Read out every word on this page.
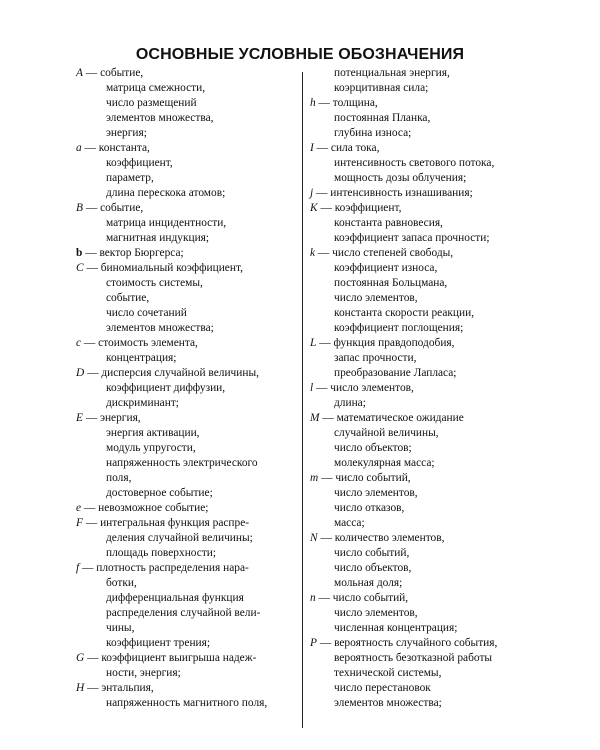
ОСНОВНЫЕ УСЛОВНЫЕ ОБОЗНАЧЕНИЯ
A — событие,
матрица смежности,
число размещений
элементов множества,
энергия;
a — константа,
коэффициент,
параметр,
длина перескока атомов;
B — событие,
матрица инцидентности,
магнитная индукция;
b — вектор Бюргерса;
C — биномиальный коэффициент,
стоимость системы,
событие,
число сочетаний
элементов множества;
c — стоимость элемента,
концентрация;
D — дисперсия случайной величины,
коэффициент диффузии,
дискриминант;
E — энергия,
энергия активации,
модуль упругости,
напряженность электрического
поля,
достоверное событие;
e — невозможное событие;
F — интегральная функция распре-
деления случайной величины;
площадь поверхности;
f — плотность распределения нара-
ботки,
дифференциальная функция
распределения случайной вели-
чины,
коэффициент трения;
G — коэффициент выигрыша надеж-
ности, энергия;
H — энтальпия,
напряженность магнитного поля,
потенциальная энергия,
коэрцитивная сила;
h — толщина,
постоянная Планка,
глубина износа;
I — сила тока,
интенсивность светового потока,
мощность дозы облучения;
j — интенсивность изнашивания;
K — коэффициент,
константа равновесия,
коэффициент запаса прочности;
k — число степеней свободы,
коэффициент износа,
постоянная Больцмана,
число элементов,
константа скорости реакции,
коэффициент поглощения;
L — функция правдоподобия,
запас прочности,
преобразование Лапласа;
l — число элементов,
длина;
M — математическое ожидание
случайной величины,
число объектов;
молекулярная масса;
m — число событий,
число элементов,
число отказов,
масса;
N — количество элементов,
число событий,
число объектов,
мольная доля;
n — число событий,
число элементов,
численная концентрация;
P — вероятность случайного события,
вероятность безотказной работы
технической системы,
число перестановок
элементов множества;
